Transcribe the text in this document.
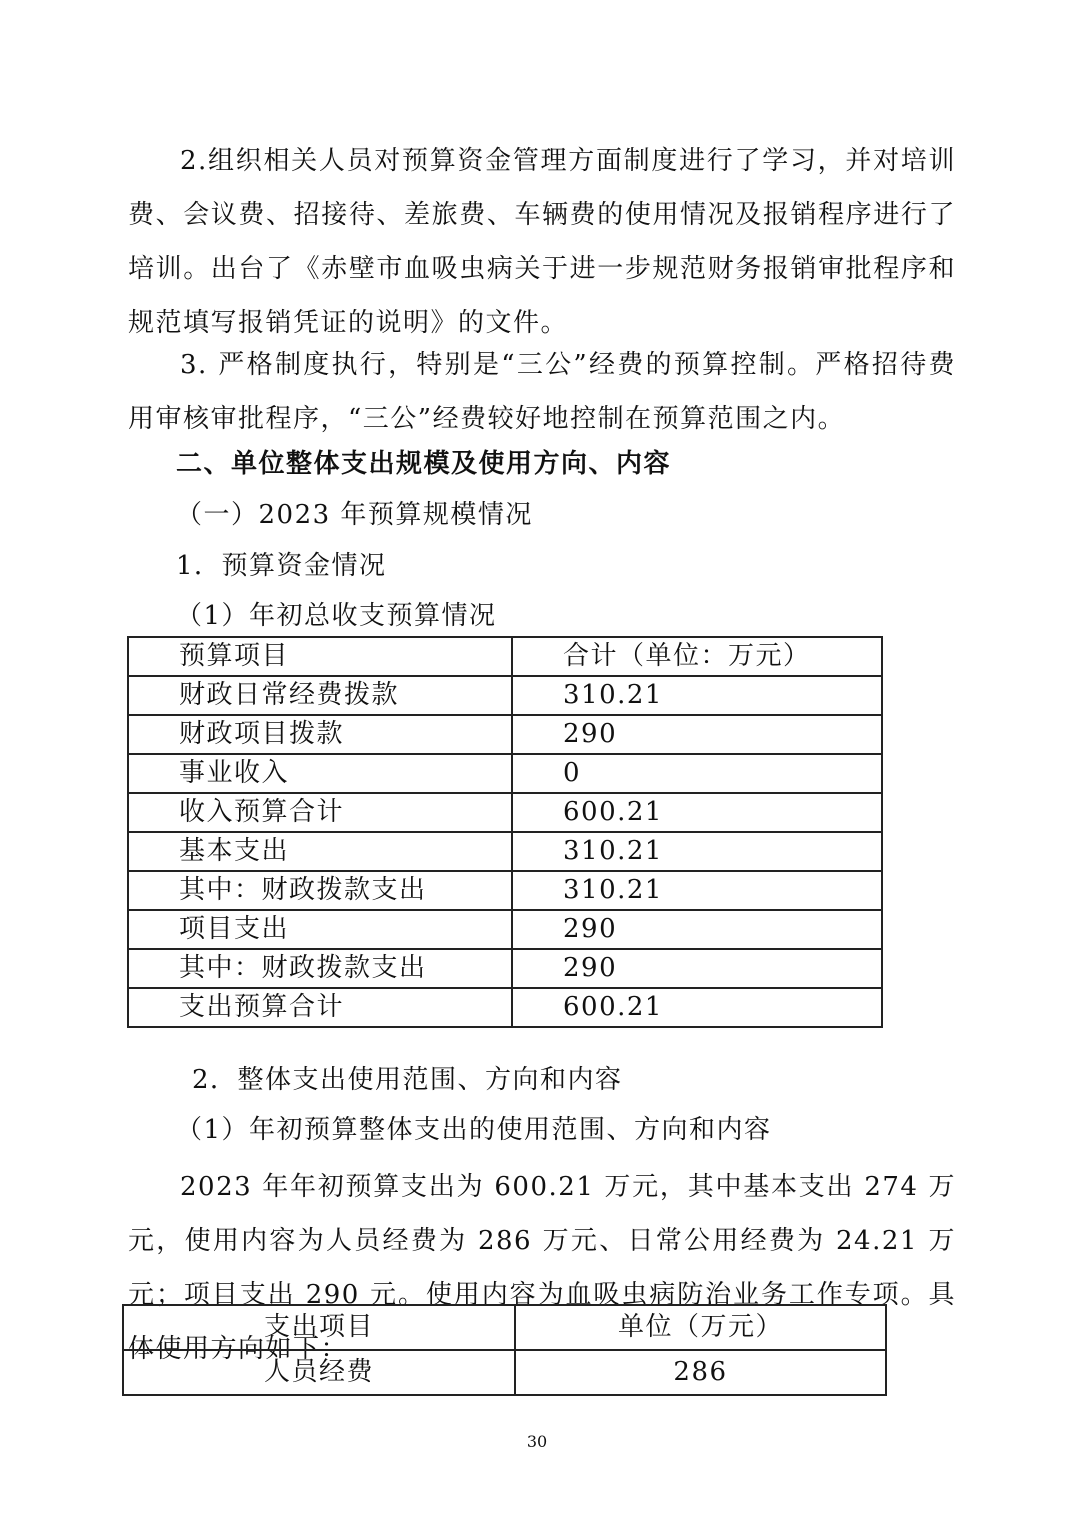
2.组织相关人员对预算资金管理方面制度进行了学习，并对培训费、会议费、招接待、差旅费、车辆费的使用情况及报销程序进行了培训。出台了《赤壁市血吸虫病关于进一步规范财务报销审批程序和规范填写报销凭证的说明》的文件。

3. 严格制度执行，特别是“三公”经费的预算控制。严格招待费用审核审批程序，“三公”经费较好地控制在预算范围之内。

二、单位整体支出规模及使用方向、内容

（一）2023 年预算规模情况

1．预算资金情况

（1）年初总收支预算情况

预算项目	合计（单位：万元）
财政日常经费拨款	310.21
财政项目拨款	290
事业收入	0
收入预算合计	600.21
基本支出	310.21
其中：财政拨款支出	310.21
项目支出	290
其中：财政拨款支出	290
支出预算合计	600.21

2．整体支出使用范围、方向和内容

（1）年初预算整体支出的使用范围、方向和内容

2023 年年初预算支出为 600.21 万元，其中基本支出 274 万元，使用内容为人员经费为 286 万元、日常公用经费为 24.21 万元；项目支出 290 元。使用内容为血吸虫病防治业务工作专项。具体使用方向如下：

支出项目	单位（万元）
人员经费	286
30
